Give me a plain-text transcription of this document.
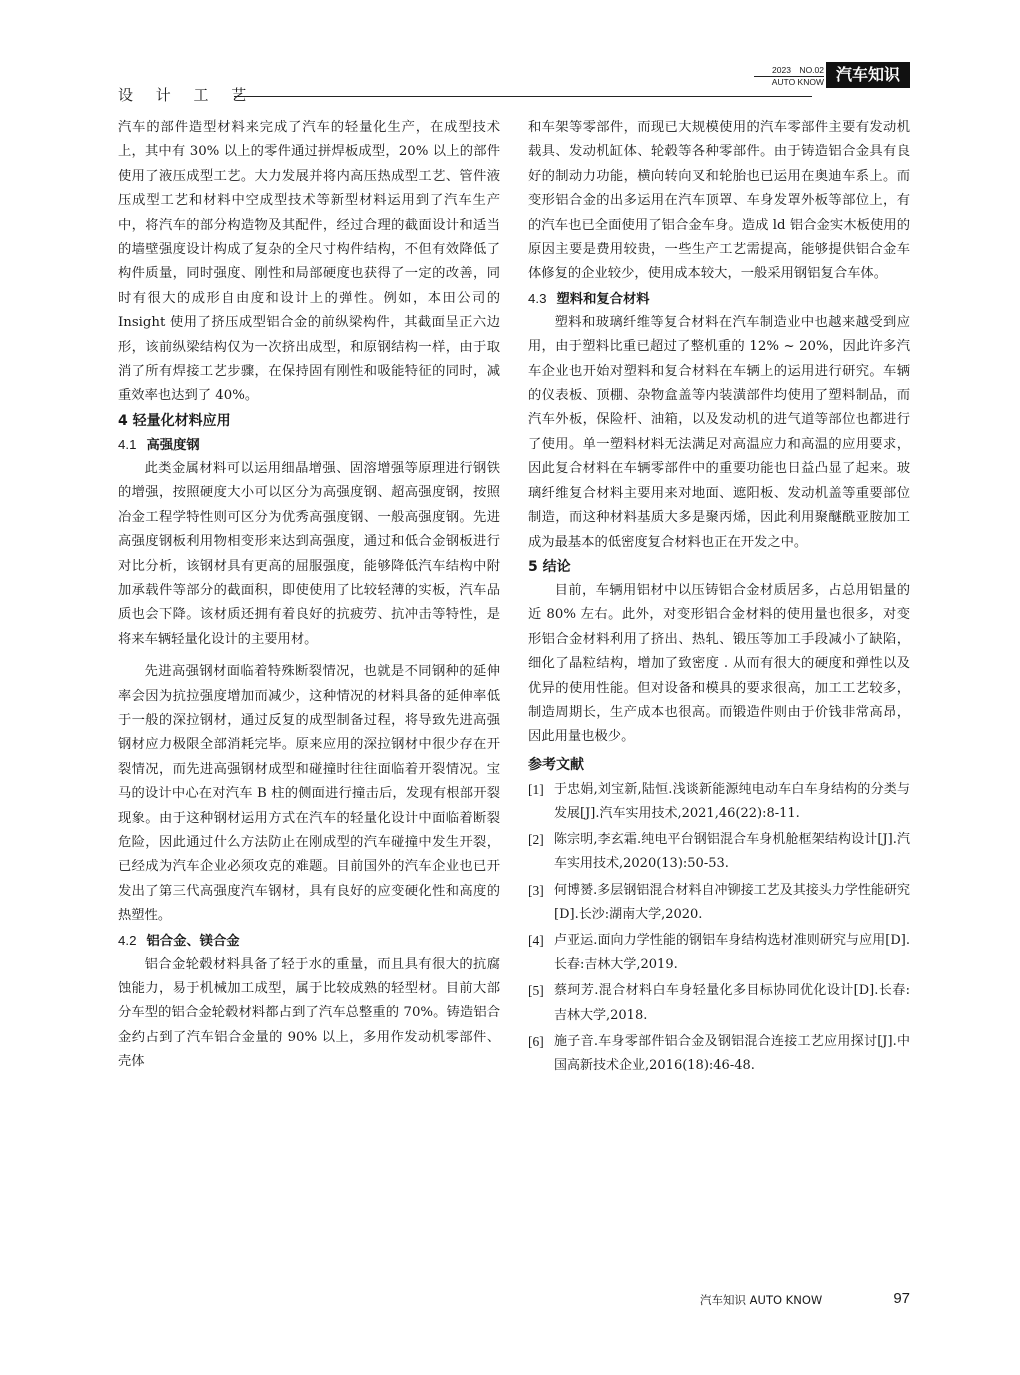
设 计 工 艺
2023　NO.02
AUTO KNOW 汽车知识

汽车的部件造型材料来完成了汽车的轻量化生产，在成型技术上，其中有 30% 以上的零件通过拼焊板成型，20% 以上的部件使用了液压成型工艺。大力发展并将内高压热成型工艺、管件液压成型工艺和材料中空成型技术等新型材料运用到了汽车生产中，将汽车的部分构造物及其配件，经过合理的截面设计和适当的墙壁强度设计构成了复杂的全尺寸构件结构，不但有效降低了构件质量，同时强度、刚性和局部硬度也获得了一定的改善，同时有很大的成形自由度和设计上的弹性。例如，本田公司的 Insight 使用了挤压成型铝合金的前纵梁构件，其截面呈正六边形，该前纵梁结构仅为一次挤出成型，和原钢结构一样，由于取消了所有焊接工艺步骤，在保持固有刚性和吸能特征的同时，减重效率也达到了 40%。

4 轻量化材料应用
4.1 高强度钢

此类金属材料可以运用细晶增强、固溶增强等原理进行钢铁的增强，按照硬度大小可以区分为高强度钢、超高强度钢，按照冶金工程学特性则可区分为优秀高强度钢、一般高强度钢。先进高强度钢板利用物相变形来达到高强度，通过和低合金钢板进行对比分析，该钢材具有更高的屈服强度，能够降低汽车结构中附加承载件等部分的截面积，即使使用了比较轻薄的实板，汽车品质也会下降。该材质还拥有着良好的抗疲劳、抗冲击等特性，是将来车辆轻量化设计的主要用材。

先进高强钢材面临着特殊断裂情况，也就是不同钢种的延伸率会因为抗拉强度增加而减少，这种情况的材料具备的延伸率低于一般的深拉钢材，通过反复的成型制备过程，将导致先进高强钢材应力极限全部消耗完毕。原来应用的深拉钢材中很少存在开裂情况，而先进高强钢材成型和碰撞时往往面临着开裂情况。宝马的设计中心在对汽车 B 柱的侧面进行撞击后，发现有根部开裂现象。由于这种钢材运用方式在汽车的轻量化设计中面临着断裂危险，因此通过什么方法防止在刚成型的汽车碰撞中发生开裂，已经成为汽车企业必须攻克的难题。目前国外的汽车企业也已开发出了第三代高强度汽车钢材，具有良好的应变硬化性和高度的热塑性。

4.2 铝合金、镁合金

铝合金轮毂材料具备了轻于水的重量，而且具有很大的抗腐蚀能力，易于机械加工成型，属于比较成熟的轻型材。目前大部分车型的铝合金轮毂材料都占到了汽车总整重的 70%。铸造铝合金约占到了汽车铝合金量的 90% 以上，多用作发动机零部件、壳体

和车架等零部件，而现已大规模使用的汽车零部件主要有发动机载具、发动机缸体、轮毂等各种零部件。由于铸造铝合金具有良好的制动力功能，横向转向叉和轮胎也已运用在奥迪车系上。而变形铝合金的出多运用在汽车顶罩、车身发罩外板等部位上，有的汽车也已全面使用了铝合金车身。造成 ld 铝合金实木板使用的原因主要是费用较贵，一些生产工艺需提高，能够提供铝合金车体修复的企业较少，使用成本较大，一般采用钢铝复合车体。

4.3 塑料和复合材料

塑料和玻璃纤维等复合材料在汽车制造业中也越来越受到应用，由于塑料比重已超过了整机重的 12% ~ 20%，因此许多汽车企业也开始对塑料和复合材料在车辆上的运用进行研究。车辆的仪表板、顶棚、杂物盒盖等内装潢部件均使用了塑料制品，而汽车外板，保险杆、油箱，以及发动机的进气道等部位也都进行了使用。单一塑料材料无法满足对高温应力和高温的应用要求，因此复合材料在车辆零部件中的重要功能也日益凸显了起来。玻璃纤维复合材料主要用来对地面、遮阳板、发动机盖等重要部位制造，而这种材料基质大多是聚丙烯，因此利用聚醚酰亚胺加工成为最基本的低密度复合材料也正在开发之中。

5 结论

目前，车辆用铝材中以压铸铝合金材质居多，占总用铝量的近 80% 左右。此外，对变形铝合金材料的使用量也很多，对变形铝合金材料利用了挤出、热轧、锻压等加工手段减小了缺陷，细化了晶粒结构，增加了致密度 . 从而有很大的硬度和弹性以及优异的使用性能。但对设备和模具的要求很高，加工工艺较多，制造周期长，生产成本也很高。而锻造件则由于价钱非常高昂，因此用量也极少。

参考文献
[1] 于忠娟,刘宝新,陆恒.浅谈新能源纯电动车白车身结构的分类与发展[J].汽车实用技术,2021,46(22):8-11.
[2] 陈宗明,李玄霜.纯电平台钢铝混合车身机舱框架结构设计[J].汽车实用技术,2020(13):50-53.
[3] 何博赟.多层钢铝混合材料自冲铆接工艺及其接头力学性能研究[D].长沙:湖南大学,2020.
[4] 卢亚运.面向力学性能的钢铝车身结构选材准则研究与应用[D].长春:吉林大学,2019.
[5] 蔡珂芳.混合材料白车身轻量化多目标协同优化设计[D].长春:吉林大学,2018.
[6] 施子音.车身零部件铝合金及钢铝混合连接工艺应用探讨[J].中国高新技术企业,2016(18):46-48.
汽车知识 AUTO KNOW	97
